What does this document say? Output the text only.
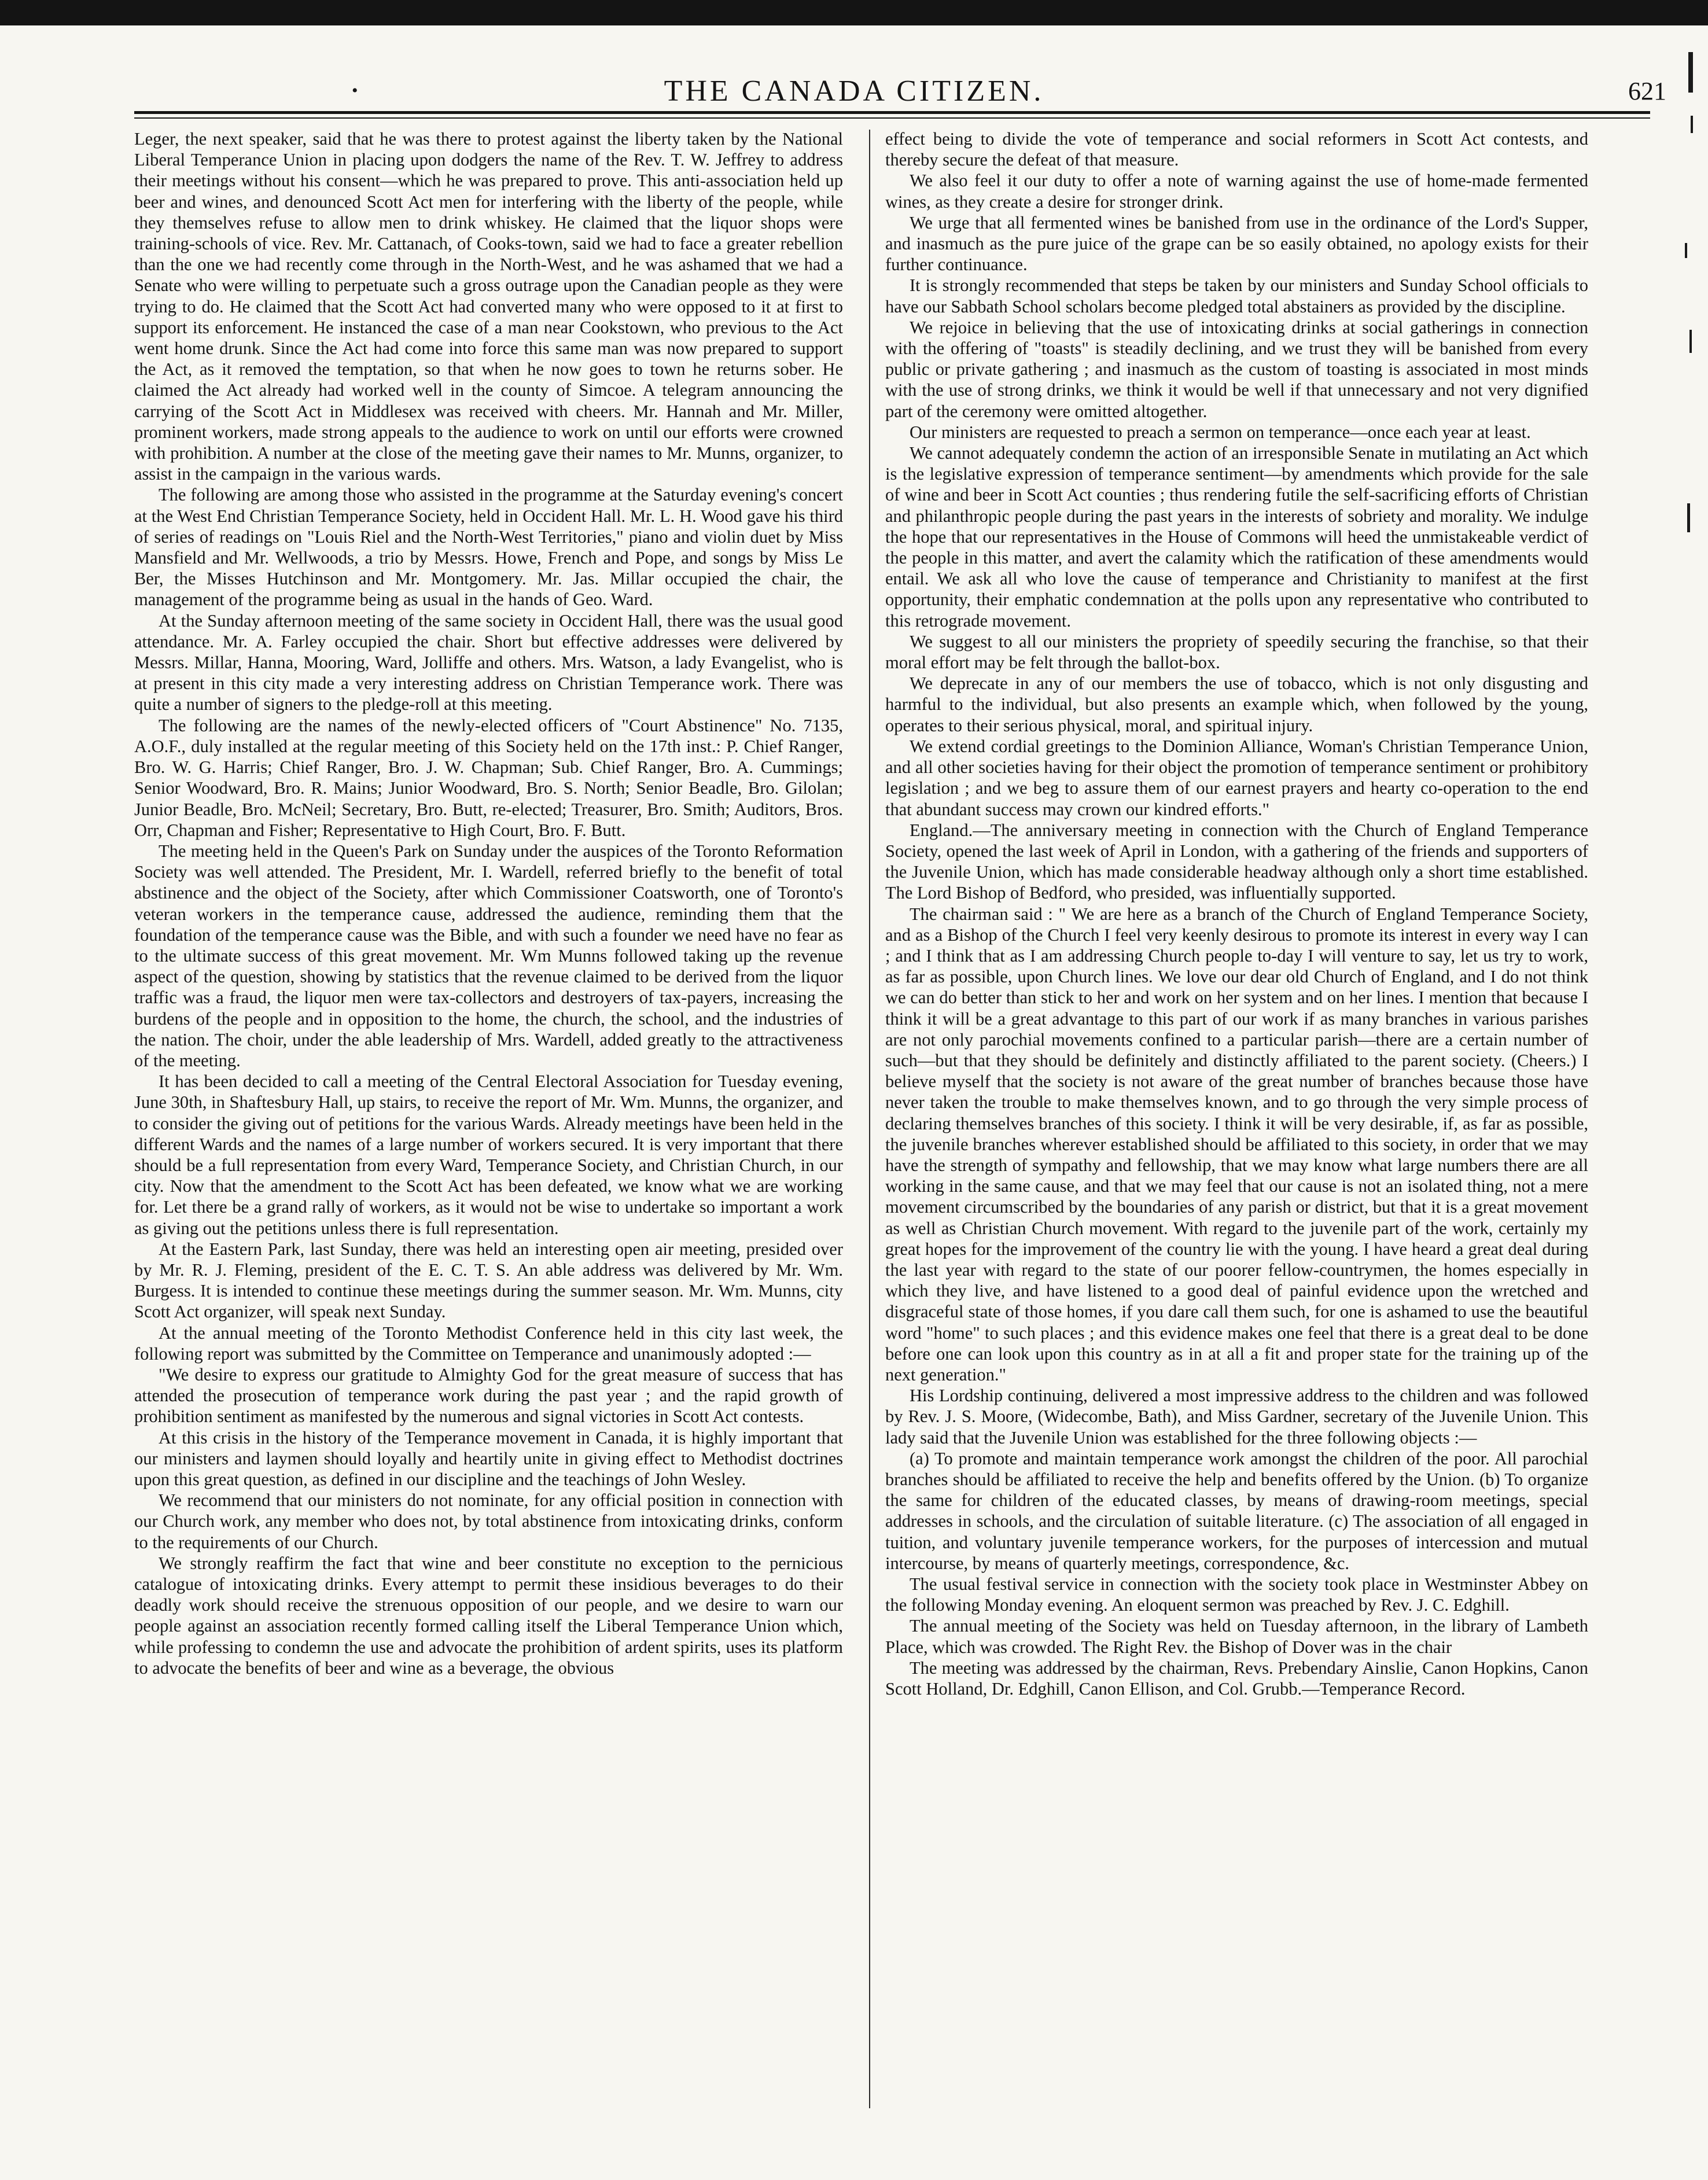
•	THE CANADA CITIZEN.	621

Leger, the next speaker, said that he was there to protest against the liberty taken by the National Liberal Temperance Union in placing upon dodgers the name of the Rev. T. W. Jeffrey to address their meetings without his consent—which he was prepared to prove. This anti-association held up beer and wines, and denounced Scott Act men for interfering with the liberty of the people, while they themselves refuse to allow men to drink whiskey. He claimed that the liquor shops were training-schools of vice. Rev. Mr. Cattanach, of Cooks-town, said we had to face a greater rebellion than the one we had recently come through in the North-West, and he was ashamed that we had a Senate who were willing to perpetuate such a gross outrage upon the Canadian people as they were trying to do. He claimed that the Scott Act had converted many who were opposed to it at first to support its enforcement. He instanced the case of a man near Cookstown, who previous to the Act went home drunk. Since the Act had come into force this same man was now prepared to support the Act, as it removed the temptation, so that when he now goes to town he returns sober. He claimed the Act already had worked well in the county of Simcoe. A telegram announcing the carrying of the Scott Act in Middlesex was received with cheers. Mr. Hannah and Mr. Miller, prominent workers, made strong appeals to the audience to work on until our efforts were crowned with prohibition. A number at the close of the meeting gave their names to Mr. Munns, organizer, to assist in the campaign in the various wards.

The following are among those who assisted in the programme at the Saturday evening's concert at the West End Christian Temperance Society, held in Occident Hall. Mr. L. H. Wood gave his third of series of readings on "Louis Riel and the North-West Territories," piano and violin duet by Miss Mansfield and Mr. Wellwoods, a trio by Messrs. Howe, French and Pope, and songs by Miss Le Ber, the Misses Hutchinson and Mr. Montgomery. Mr. Jas. Millar occupied the chair, the management of the programme being as usual in the hands of Geo. Ward.

At the Sunday afternoon meeting of the same society in Occident Hall, there was the usual good attendance. Mr. A. Farley occupied the chair. Short but effective addresses were delivered by Messrs. Millar, Hanna, Mooring, Ward, Jolliffe and others. Mrs. Watson, a lady Evangelist, who is at present in this city made a very interesting address on Christian Temperance work. There was quite a number of signers to the pledge-roll at this meeting.

The following are the names of the newly-elected officers of "Court Abstinence" No. 7135, A.O.F., duly installed at the regular meeting of this Society held on the 17th inst.: P. Chief Ranger, Bro. W. G. Harris; Chief Ranger, Bro. J. W. Chapman; Sub. Chief Ranger, Bro. A. Cummings; Senior Woodward, Bro. R. Mains; Junior Woodward, Bro. S. North; Senior Beadle, Bro. Gilolan; Junior Beadle, Bro. McNeil; Secretary, Bro. Butt, re-elected; Treasurer, Bro. Smith; Auditors, Bros. Orr, Chapman and Fisher; Representative to High Court, Bro. F. Butt.

The meeting held in the Queen's Park on Sunday under the auspices of the Toronto Reformation Society was well attended. The President, Mr. I. Wardell, referred briefly to the benefit of total abstinence and the object of the Society, after which Commissioner Coatsworth, one of Toronto's veteran workers in the temperance cause, addressed the audience, reminding them that the foundation of the temperance cause was the Bible, and with such a founder we need have no fear as to the ultimate success of this great movement. Mr. Wm Munns followed taking up the revenue aspect of the question, showing by statistics that the revenue claimed to be derived from the liquor traffic was a fraud, the liquor men were tax-collectors and destroyers of tax-payers, increasing the burdens of the people and in opposition to the home, the church, the school, and the industries of the nation. The choir, under the able leadership of Mrs. Wardell, added greatly to the attractiveness of the meeting.

It has been decided to call a meeting of the Central Electoral Association for Tuesday evening, June 30th, in Shaftesbury Hall, up stairs, to receive the report of Mr. Wm. Munns, the organizer, and to consider the giving out of petitions for the various Wards. Already meetings have been held in the different Wards and the names of a large number of workers secured. It is very important that there should be a full representation from every Ward, Temperance Society, and Christian Church, in our city. Now that the amendment to the Scott Act has been defeated, we know what we are working for. Let there be a grand rally of workers, as it would not be wise to undertake so important a work as giving out the petitions unless there is full representation.

At the Eastern Park, last Sunday, there was held an interesting open air meeting, presided over by Mr. R. J. Fleming, president of the E. C. T. S. An able address was delivered by Mr. Wm. Burgess. It is intended to continue these meetings during the summer season. Mr. Wm. Munns, city Scott Act organizer, will speak next Sunday.

At the annual meeting of the Toronto Methodist Conference held in this city last week, the following report was submitted by the Committee on Temperance and unanimously adopted :—

"We desire to express our gratitude to Almighty God for the great measure of success that has attended the prosecution of temperance work during the past year ; and the rapid growth of prohibition sentiment as manifested by the numerous and signal victories in Scott Act contests.

At this crisis in the history of the Temperance movement in Canada, it is highly important that our ministers and laymen should loyally and heartily unite in giving effect to Methodist doctrines upon this great question, as defined in our discipline and the teachings of John Wesley.

We recommend that our ministers do not nominate, for any official position in connection with our Church work, any member who does not, by total abstinence from intoxicating drinks, conform to the requirements of our Church.

We strongly reaffirm the fact that wine and beer constitute no exception to the pernicious catalogue of intoxicating drinks. Every attempt to permit these insidious beverages to do their deadly work should receive the strenuous opposition of our people, and we desire to warn our people against an association recently formed calling itself the Liberal Temperance Union which, while professing to condemn the use and advocate the prohibition of ardent spirits, uses its platform to advocate the benefits of beer and wine as a beverage, the obvious

effect being to divide the vote of temperance and social reformers in Scott Act contests, and thereby secure the defeat of that measure.

We also feel it our duty to offer a note of warning against the use of home-made fermented wines, as they create a desire for stronger drink.

We urge that all fermented wines be banished from use in the ordinance of the Lord's Supper, and inasmuch as the pure juice of the grape can be so easily obtained, no apology exists for their further continuance.

It is strongly recommended that steps be taken by our ministers and Sunday School officials to have our Sabbath School scholars become pledged total abstainers as provided by the discipline.

We rejoice in believing that the use of intoxicating drinks at social gatherings in connection with the offering of "toasts" is steadily declining, and we trust they will be banished from every public or private gathering ; and inasmuch as the custom of toasting is associated in most minds with the use of strong drinks, we think it would be well if that unnecessary and not very dignified part of the ceremony were omitted altogether.

Our ministers are requested to preach a sermon on temperance—once each year at least.

We cannot adequately condemn the action of an irresponsible Senate in mutilating an Act which is the legislative expression of temperance sentiment—by amendments which provide for the sale of wine and beer in Scott Act counties ; thus rendering futile the self-sacrificing efforts of Christian and philanthropic people during the past years in the interests of sobriety and morality. We indulge the hope that our representatives in the House of Commons will heed the unmistakeable verdict of the people in this matter, and avert the calamity which the ratification of these amendments would entail. We ask all who love the cause of temperance and Christianity to manifest at the first opportunity, their emphatic condemnation at the polls upon any representative who contributed to this retrograde movement.

We suggest to all our ministers the propriety of speedily securing the franchise, so that their moral effort may be felt through the ballot-box.

We deprecate in any of our members the use of tobacco, which is not only disgusting and harmful to the individual, but also presents an example which, when followed by the young, operates to their serious physical, moral, and spiritual injury.

We extend cordial greetings to the Dominion Alliance, Woman's Christian Temperance Union, and all other societies having for their object the promotion of temperance sentiment or prohibitory legislation ; and we beg to assure them of our earnest prayers and hearty co-operation to the end that abundant success may crown our kindred efforts."

England.—The anniversary meeting in connection with the Church of England Temperance Society, opened the last week of April in London, with a gathering of the friends and supporters of the Juvenile Union, which has made considerable headway although only a short time established. The Lord Bishop of Bedford, who presided, was influentially supported.

The chairman said : " We are here as a branch of the Church of England Temperance Society, and as a Bishop of the Church I feel very keenly desirous to promote its interest in every way I can ; and I think that as I am addressing Church people to-day I will venture to say, let us try to work, as far as possible, upon Church lines. We love our dear old Church of England, and I do not think we can do better than stick to her and work on her system and on her lines. I mention that because I think it will be a great advantage to this part of our work if as many branches in various parishes are not only parochial movements confined to a particular parish—there are a certain number of such—but that they should be definitely and distinctly affiliated to the parent society. (Cheers.) I believe myself that the society is not aware of the great number of branches because those have never taken the trouble to make themselves known, and to go through the very simple process of declaring themselves branches of this society. I think it will be very desirable, if, as far as possible, the juvenile branches wherever established should be affiliated to this society, in order that we may have the strength of sympathy and fellowship, that we may know what large numbers there are all working in the same cause, and that we may feel that our cause is not an isolated thing, not a mere movement circumscribed by the boundaries of any parish or district, but that it is a great movement as well as Christian Church movement. With regard to the juvenile part of the work, certainly my great hopes for the improvement of the country lie with the young. I have heard a great deal during the last year with regard to the state of our poorer fellow-countrymen, the homes especially in which they live, and have listened to a good deal of painful evidence upon the wretched and disgraceful state of those homes, if you dare call them such, for one is ashamed to use the beautiful word "home" to such places ; and this evidence makes one feel that there is a great deal to be done before one can look upon this country as in at all a fit and proper state for the training up of the next generation."

His Lordship continuing, delivered a most impressive address to the children and was followed by Rev. J. S. Moore, (Widecombe, Bath), and Miss Gardner, secretary of the Juvenile Union. This lady said that the Juvenile Union was established for the three following objects :—

(a) To promote and maintain temperance work amongst the children of the poor. All parochial branches should be affiliated to receive the help and benefits offered by the Union. (b) To organize the same for children of the educated classes, by means of drawing-room meetings, special addresses in schools, and the circulation of suitable literature. (c) The association of all engaged in tuition, and voluntary juvenile temperance workers, for the purposes of intercession and mutual intercourse, by means of quarterly meetings, correspondence, &c.

The usual festival service in connection with the society took place in Westminster Abbey on the following Monday evening. An eloquent sermon was preached by Rev. J. C. Edghill.

The annual meeting of the Society was held on Tuesday afternoon, in the library of Lambeth Place, which was crowded. The Right Rev. the Bishop of Dover was in the chair

The meeting was addressed by the chairman, Revs. Prebendary Ainslie, Canon Hopkins, Canon Scott Holland, Dr. Edghill, Canon Ellison, and Col. Grubb.—Temperance Record.
